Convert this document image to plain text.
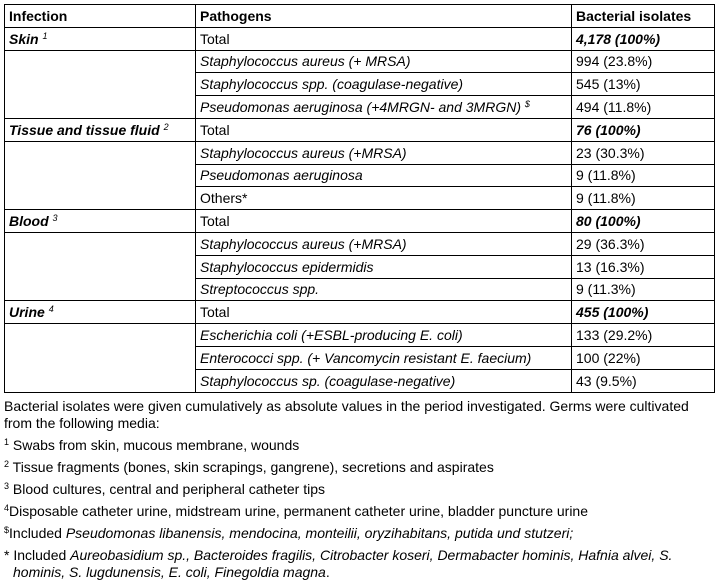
Infection	Pathogens	Bacterial isolates
Skin $^1$	Total	4,178 (100%)
	Staphylococcus aureus (+ MRSA)	994 (23.8%)
	Staphylococcus spp. (coagulase-negative)	545 (13%)
	Pseudomonas aeruginosa (+4MRGN- and 3MRGN) $	494 (11.8%)
Tissue and tissue fluid $^2$	Total	76 (100%)
	Staphylococcus aureus (+MRSA)	23 (30.3%)
	Pseudomonas aeruginosa	9 (11.8%)
	Others*	9 (11.8%)
Blood $^3$	Total	80 (100%)
	Staphylococcus aureus (+MRSA)	29 (36.3%)
	Staphylococcus epidermidis	13 (16.3%)
	Streptococcus spp.	9 (11.3%)
Urine $^4$	Total	455 (100%)
	Escherichia coli (+ESBL-producing E. coli)	133 (29.2%)
	Enterococci spp. (+ Vancomycin resistant E. faecium)	100 (22%)
	Staphylococcus sp. (coagulase-negative)	43 (9.5%)

Bacterial isolates were given cumulatively as absolute values in the period investigated. Germs were cultivated from the following media:

$^1$ Swabs from skin, mucous membrane, wounds

$^2$ Tissue fragments (bones, skin scrapings, gangrene), secretions and aspirates

$^3$ Blood cultures, central and peripheral catheter tips

$^4$Disposable catheter urine, midstream urine, permanent catheter urine, bladder puncture urine

$Included Pseudomonas libanensis, mendocina, monteilii, oryzihabitans, putida und stutzeri;

* Included Aureobasidium sp., Bacteroides fragilis, Citrobacter koseri, Dermabacter hominis, Hafnia alvei, S. hominis, S. lugdunensis, E. coli, Finegoldia magna.
